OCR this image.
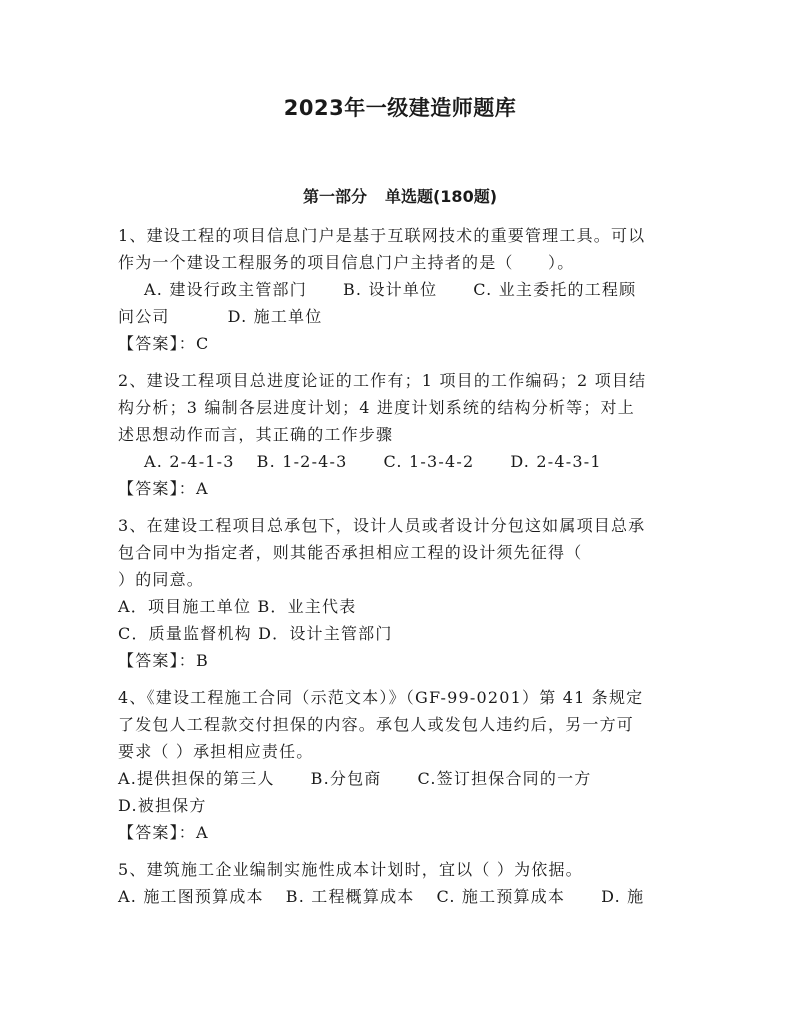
2023年一级建造师题库
第一部分 单选题(180题)
1、建设工程的项目信息门户是基于互联网技术的重要管理工具。可以
作为一个建设工程服务的项目信息门户主持者的是（　　）。
A. 建设行政主管部门 B. 设计单位 C. 业主委托的工程顾
问公司	D. 施工单位
【答案】：C
2、建设工程项目总进度论证的工作有；1 项目的工作编码；2 项目结
构分析；3 编制各层进度计划；4 进度计划系统的结构分析等；对上
述思想动作而言，其正确的工作步骤
A. 2-4-1-3 B. 1-2-4-3 C. 1-3-4-2 D. 2-4-3-1
【答案】：A
3、在建设工程项目总承包下，设计人员或者设计分包这如属项目总承
包合同中为指定者，则其能否承担相应工程的设计须先征得（
）的同意。
A．项目施工单位 B．业主代表
C．质量监督机构 D．设计主管部门
【答案】：B
4、《建设工程施工合同（示范文本）》（GF-99-0201）第 41 条规定
了发包人工程款交付担保的内容。承包人或发包人违约后，另一方可
要求（ ）承担相应责任。
A.提供担保的第三人 B.分包商 C.签订担保合同的一方
D.被担保方
【答案】：A
5、建筑施工企业编制实施性成本计划时，宜以（ ）为依据。
A. 施工图预算成本 B. 工程概算成本 C. 施工预算成本 D. 施
